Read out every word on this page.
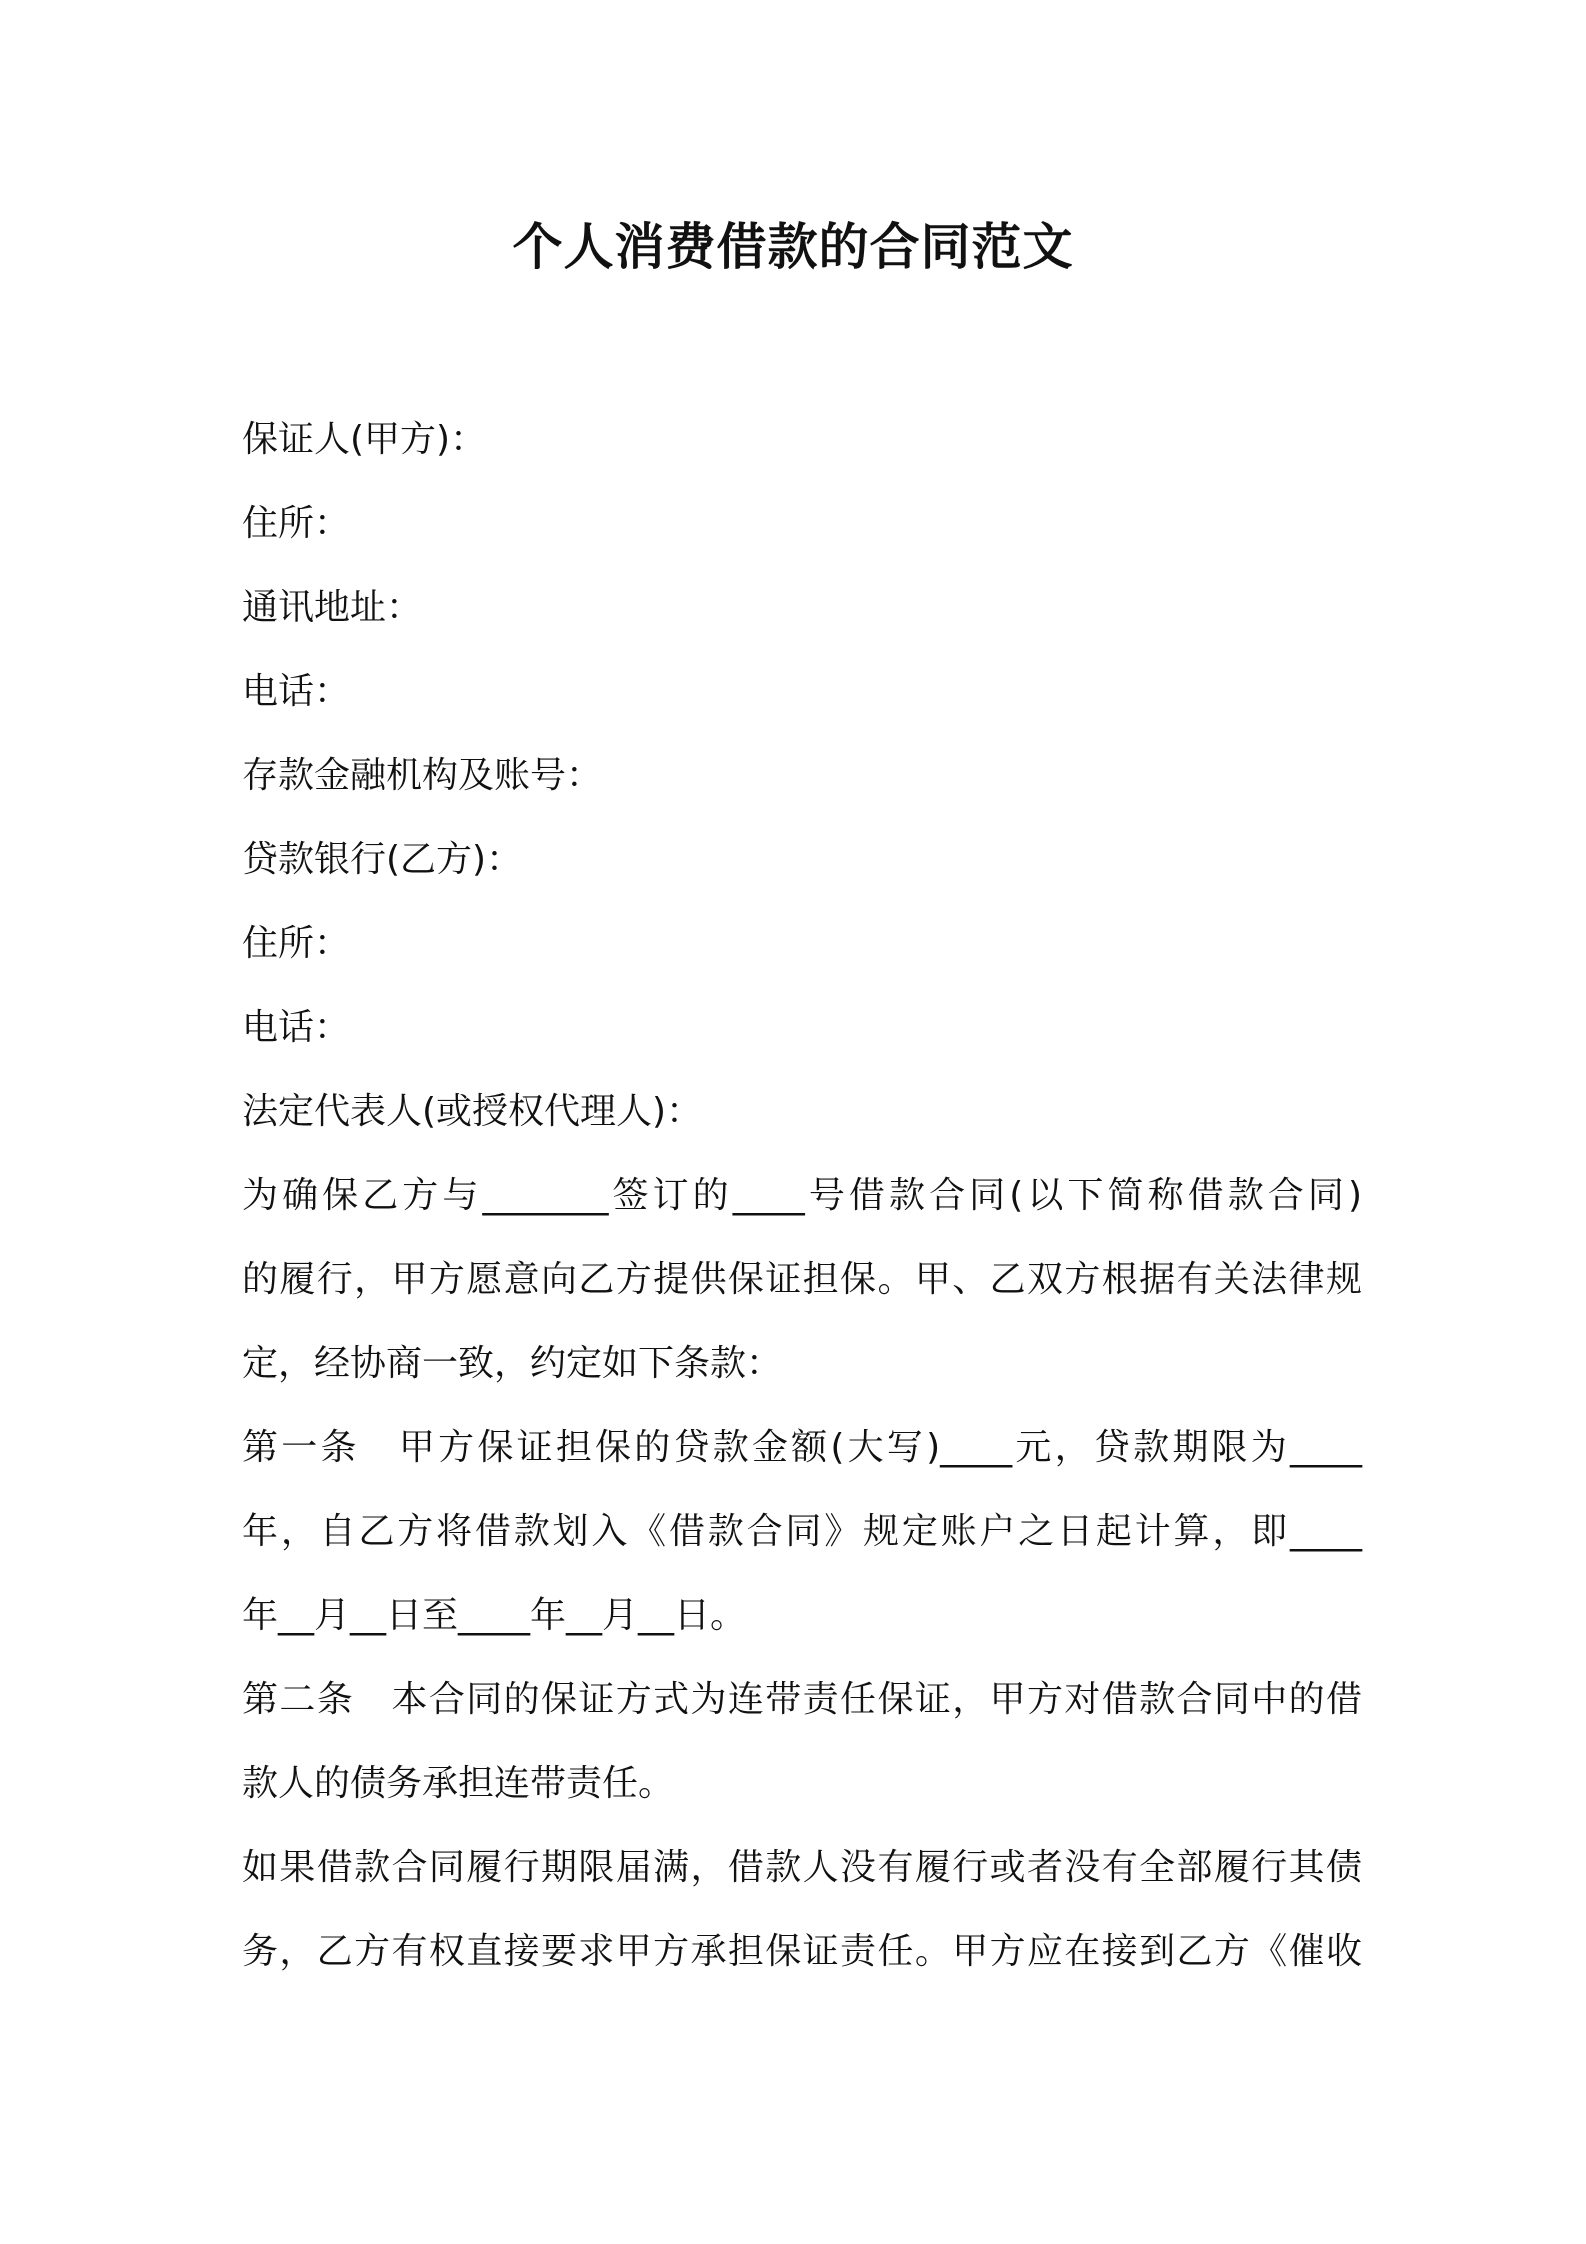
个人消费借款的合同范文
保证人(甲方)：
住所：
通讯地址：
电话：
存款金融机构及账号：
贷款银行(乙方)：
住所：
电话：
法定代表人(或授权代理人)：
为确保乙方与_______签订的____号借款合同(以下简称借款合同)
的履行，甲方愿意向乙方提供保证担保。甲、乙双方根据有关法律规
定，经协商一致，约定如下条款：
第一条　甲方保证担保的贷款金额(大写)____元，贷款期限为____
年，自乙方将借款划入《借款合同》规定账户之日起计算，即____
年__月__日至____年__月__日。
第二条　本合同的保证方式为连带责任保证，甲方对借款合同中的借
款人的债务承担连带责任。
如果借款合同履行期限届满，借款人没有履行或者没有全部履行其债
务，乙方有权直接要求甲方承担保证责任。甲方应在接到乙方《催收
